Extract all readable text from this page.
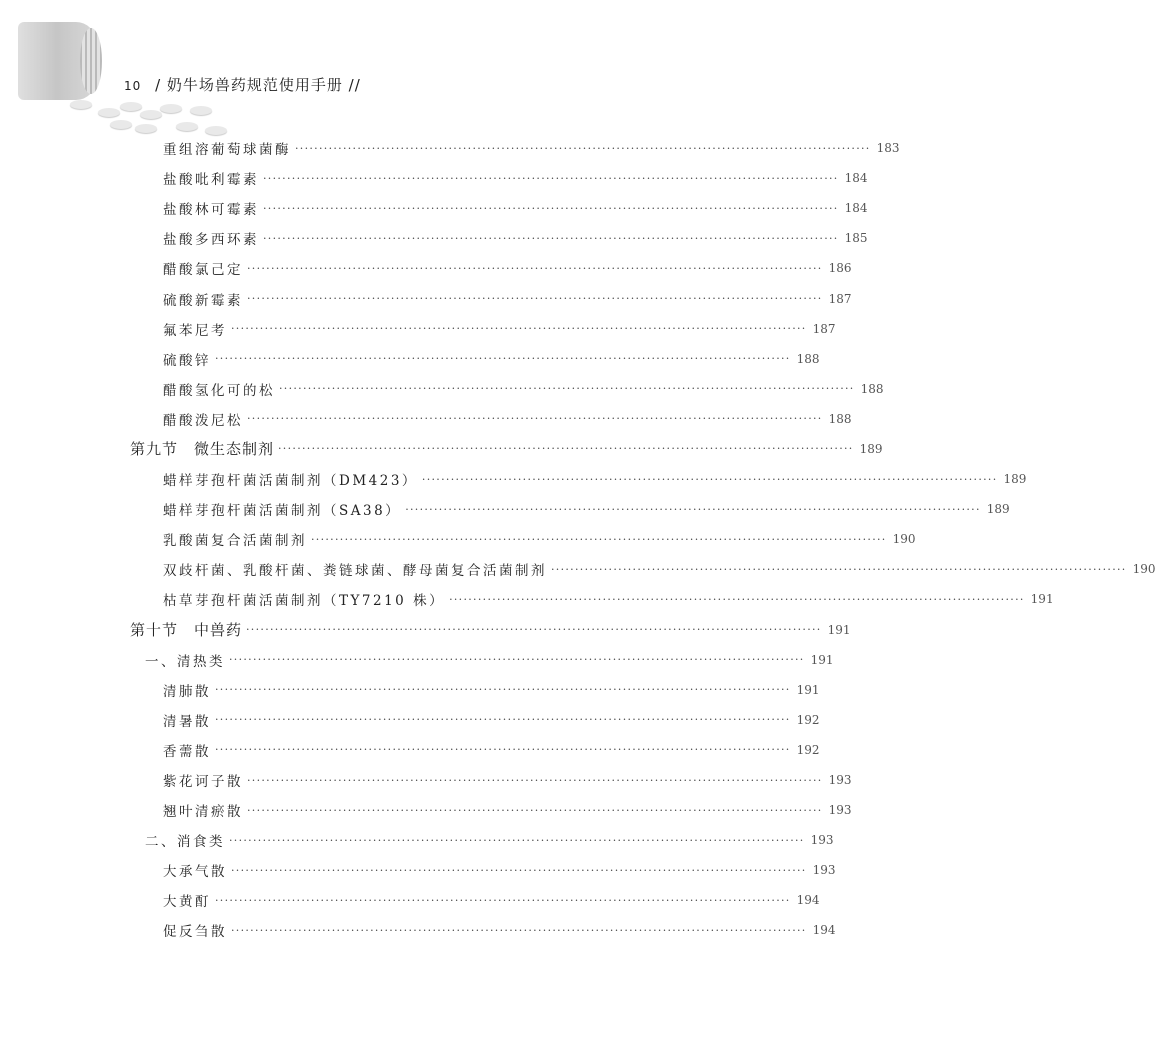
10 / 奶牛场兽药规范使用手册 //
重组溶葡萄球菌酶 ························································································································ 183
盐酸吡利霉素 ························································································································ 184
盐酸林可霉素 ························································································································ 184
盐酸多西环素 ························································································································ 185
醋酸氯己定 ························································································································ 186
硫酸新霉素 ························································································································ 187
氟苯尼考 ························································································································ 187
硫酸锌 ························································································································ 188
醋酸氢化可的松 ························································································································ 188
醋酸泼尼松 ························································································································ 188
第九节　微生态制剂 ························································································································ 189
蜡样芽孢杆菌活菌制剂（DM423） ························································································································ 189
蜡样芽孢杆菌活菌制剂（SA38） ························································································································ 189
乳酸菌复合活菌制剂 ························································································································ 190
双歧杆菌、乳酸杆菌、粪链球菌、酵母菌复合活菌制剂 ························································································································ 190
枯草芽孢杆菌活菌制剂（TY7210 株） ························································································································ 191
第十节　中兽药 ························································································································ 191
一、清热类 ························································································································ 191
清肺散 ························································································································ 191
清暑散 ························································································································ 192
香薷散 ························································································································ 192
紫花诃子散 ························································································································ 193
翘叶清瘀散 ························································································································ 193
二、消食类 ························································································································ 193
大承气散 ························································································································ 193
大黄酊 ························································································································ 194
促反刍散 ························································································································ 194
